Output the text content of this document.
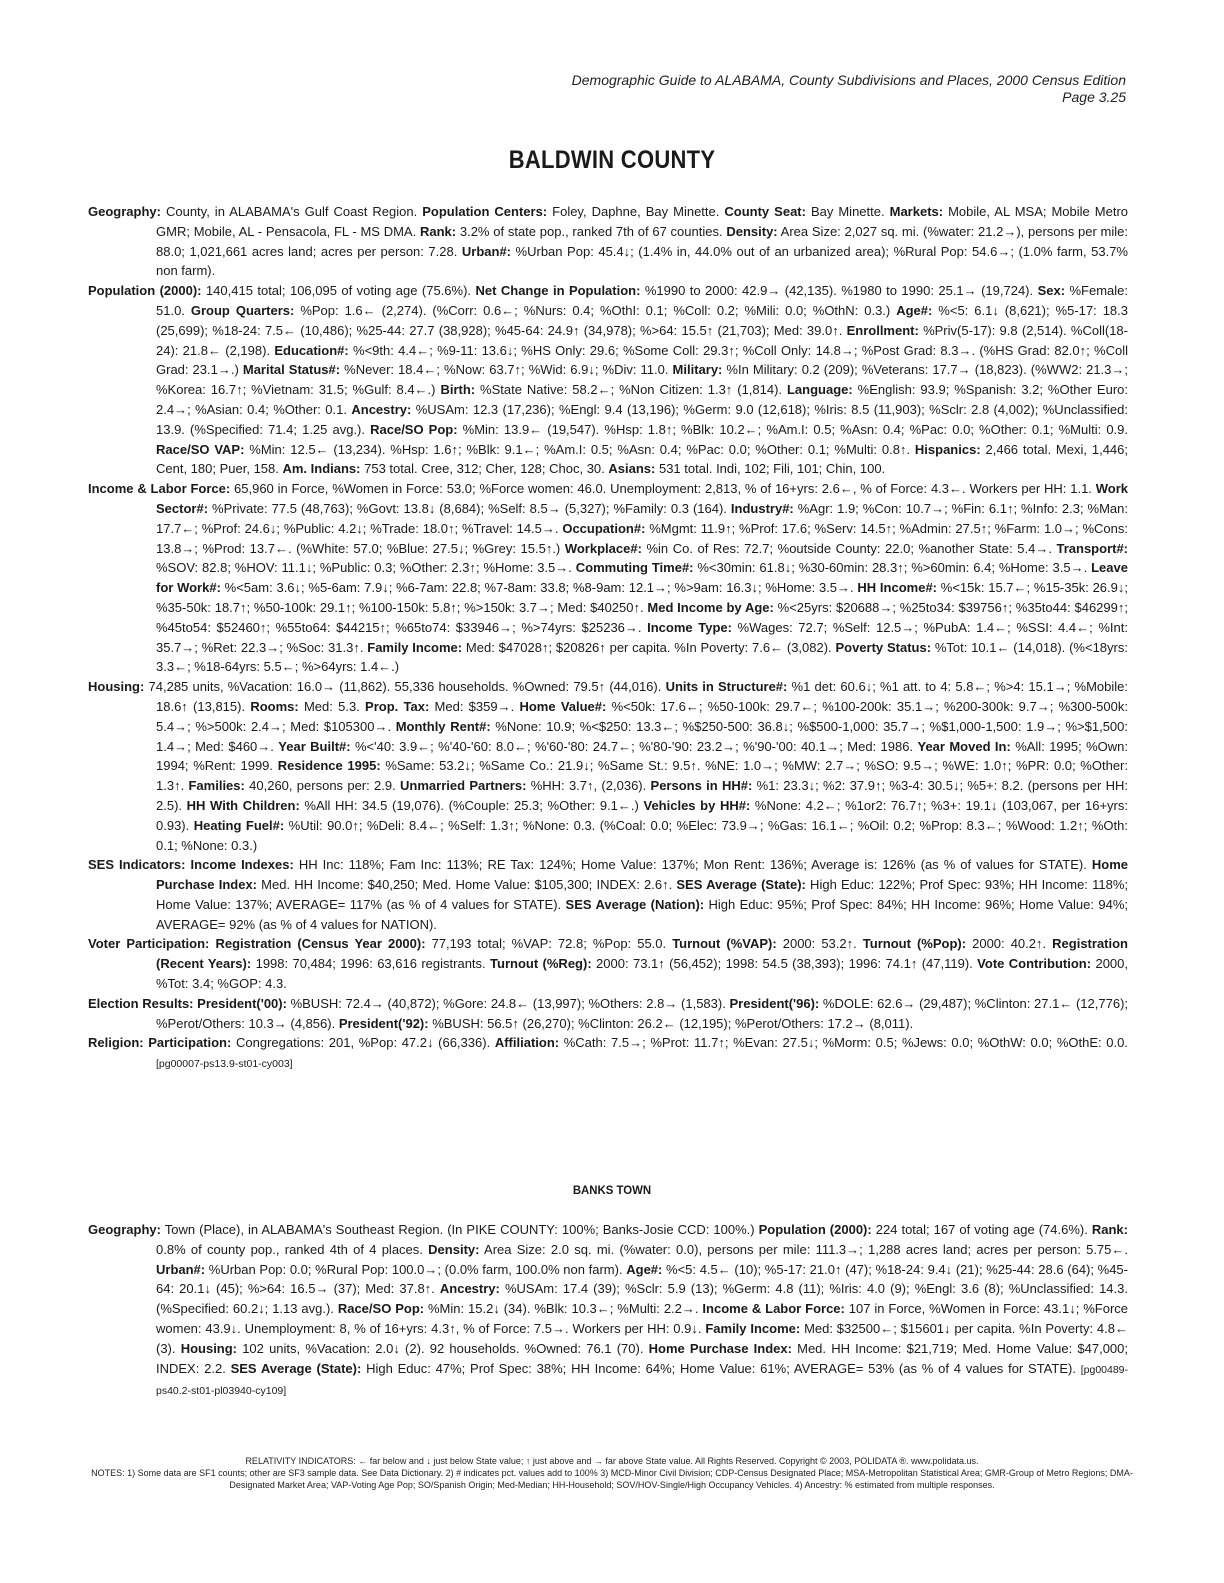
Demographic Guide to ALABAMA, County Subdivisions and Places, 2000 Census Edition
Page 3.25
BALDWIN COUNTY

Geography: County, in ALABAMA's Gulf Coast Region. Population Centers: Foley, Daphne, Bay Minette. County Seat: Bay Minette. Markets: Mobile, AL MSA; Mobile Metro GMR; Mobile, AL - Pensacola, FL - MS DMA. Rank: 3.2% of state pop., ranked 7th of 67 counties. Density: Area Size: 2,027 sq. mi. (%water: 21.2→), persons per mile: 88.0; 1,021,661 acres land; acres per person: 7.28. Urban#: %Urban Pop: 45.4↓; (1.4% in, 44.0% out of an urbanized area); %Rural Pop: 54.6→; (1.0% farm, 53.7% non farm).

Population (2000): 140,415 total; 106,095 of voting age (75.6%). Net Change in Population: %1990 to 2000: 42.9→ (42,135). %1980 to 1990: 25.1→ (19,724). Sex: %Female: 51.0. Group Quarters: %Pop: 1.6← (2,274). (%Corr: 0.6←; %Nurs: 0.4; %OthI: 0.1; %Coll: 0.2; %Mili: 0.0; %OthN: 0.3.) Age#: %<5: 6.1↓ (8,621); %5-17: 18.3 (25,699); %18-24: 7.5← (10,486); %25-44: 27.7 (38,928); %45-64: 24.9↑ (34,978); %>64: 15.5↑ (21,703); Med: 39.0↑. Enrollment: %Priv(5-17): 9.8 (2,514). %Coll(18-24): 21.8← (2,198). Education#: %<9th: 4.4←; %9-11: 13.6↓; %HS Only: 29.6; %Some Coll: 29.3↑; %Coll Only: 14.8→; %Post Grad: 8.3→. (%HS Grad: 82.0↑; %Coll Grad: 23.1→.) Marital Status#: %Never: 18.4←; %Now: 63.7↑; %Wid: 6.9↓; %Div: 11.0. Military: %In Military: 0.2 (209); %Veterans: 17.7→ (18,823). (%WW2: 21.3→; %Korea: 16.7↑; %Vietnam: 31.5; %Gulf: 8.4←.) Birth: %State Native: 58.2←; %Non Citizen: 1.3↑ (1,814). Language: %English: 93.9; %Spanish: 3.2; %Other Euro: 2.4→; %Asian: 0.4; %Other: 0.1. Ancestry: %USAm: 12.3 (17,236); %Engl: 9.4 (13,196); %Germ: 9.0 (12,618); %Iris: 8.5 (11,903); %Sclr: 2.8 (4,002); %Unclassified: 13.9. (%Specified: 71.4; 1.25 avg.). Race/SO Pop: %Min: 13.9← (19,547). %Hsp: 1.8↑; %Blk: 10.2←; %Am.I: 0.5; %Asn: 0.4; %Pac: 0.0; %Other: 0.1; %Multi: 0.9. Race/SO VAP: %Min: 12.5← (13,234). %Hsp: 1.6↑; %Blk: 9.1←; %Am.I: 0.5; %Asn: 0.4; %Pac: 0.0; %Other: 0.1; %Multi: 0.8↑. Hispanics: 2,466 total. Mexi, 1,446; Cent, 180; Puer, 158. Am. Indians: 753 total. Cree, 312; Cher, 128; Choc, 30. Asians: 531 total. Indi, 102; Fili, 101; Chin, 100.

Income & Labor Force: 65,960 in Force, %Women in Force: 53.0; %Force women: 46.0. Unemployment: 2,813, % of 16+yrs: 2.6←, % of Force: 4.3←. Workers per HH: 1.1. Work Sector#: %Private: 77.5 (48,763); %Govt: 13.8↓ (8,684); %Self: 8.5→ (5,327); %Family: 0.3 (164). Industry#: %Agr: 1.9; %Con: 10.7→; %Fin: 6.1↑; %Info: 2.3; %Man: 17.7←; %Prof: 24.6↓; %Public: 4.2↓; %Trade: 18.0↑; %Travel: 14.5→. Occupation#: %Mgmt: 11.9↑; %Prof: 17.6; %Serv: 14.5↑; %Admin: 27.5↑; %Farm: 1.0→; %Cons: 13.8→; %Prod: 13.7←. (%White: 57.0; %Blue: 27.5↓; %Grey: 15.5↑.) Workplace#: %in Co. of Res: 72.7; %outside County: 22.0; %another State: 5.4→. Transport#: %SOV: 82.8; %HOV: 11.1↓; %Public: 0.3; %Other: 2.3↑; %Home: 3.5→. Commuting Time#: %<30min: 61.8↓; %30-60min: 28.3↑; %>60min: 6.4; %Home: 3.5→. Leave for Work#: %<5am: 3.6↓; %5-6am: 7.9↓; %6-7am: 22.8; %7-8am: 33.8; %8-9am: 12.1→; %>9am: 16.3↓; %Home: 3.5→. HH Income#: %<15k: 15.7←; %15-35k: 26.9↓; %35-50k: 18.7↑; %50-100k: 29.1↑; %100-150k: 5.8↑; %>150k: 3.7→; Med: $40250↑. Med Income by Age: %<25yrs: $20688→; %25to34: $39756↑; %35to44: $46299↑; %45to54: $52460↑; %55to64: $44215↑; %65to74: $33946→; %>74yrs: $25236→. Income Type: %Wages: 72.7; %Self: 12.5→; %PubA: 1.4←; %SSI: 4.4←; %Int: 35.7→; %Ret: 22.3→; %Soc: 31.3↑. Family Income: Med: $47028↑; $20826↑ per capita. %In Poverty: 7.6← (3,082). Poverty Status: %Tot: 10.1← (14,018). (%<18yrs: 3.3←; %18-64yrs: 5.5←; %>64yrs: 1.4←.)

Housing: 74,285 units, %Vacation: 16.0→ (11,862). 55,336 households. %Owned: 79.5↑ (44,016). Units in Structure#: %1 det: 60.6↓; %1 att. to 4: 5.8←; %>4: 15.1→; %Mobile: 18.6↑ (13,815). Rooms: Med: 5.3. Prop. Tax: Med: $359→. Home Value#: %<50k: 17.6←; %50-100k: 29.7←; %100-200k: 35.1→; %200-300k: 9.7→; %300-500k: 5.4→; %>500k: 2.4→; Med: $105300→. Monthly Rent#: %None: 10.9; %<$250: 13.3←; %$250-500: 36.8↓; %$500-1,000: 35.7→; %$1,000-1,500: 1.9→; %>$1,500: 1.4→; Med: $460→. Year Built#: %<'40: 3.9←; %'40-'60: 8.0←; %'60-'80: 24.7←; %'80-'90: 23.2→; %'90-'00: 40.1→; Med: 1986. Year Moved In: %All: 1995; %Own: 1994; %Rent: 1999. Residence 1995: %Same: 53.2↓; %Same Co.: 21.9↓; %Same St.: 9.5↑. %NE: 1.0→; %MW: 2.7→; %SO: 9.5→; %WE: 1.0↑; %PR: 0.0; %Other: 1.3↑. Families: 40,260, persons per: 2.9. Unmarried Partners: %HH: 3.7↑, (2,036). Persons in HH#: %1: 23.3↓; %2: 37.9↑; %3-4: 30.5↓; %5+: 8.2. (persons per HH: 2.5). HH With Children: %All HH: 34.5 (19,076). (%Couple: 25.3; %Other: 9.1←.) Vehicles by HH#: %None: 4.2←; %1or2: 76.7↑; %3+: 19.1↓ (103,067, per 16+yrs: 0.93). Heating Fuel#: %Util: 90.0↑; %Deli: 8.4←; %Self: 1.3↑; %None: 0.3. (%Coal: 0.0; %Elec: 73.9→; %Gas: 16.1←; %Oil: 0.2; %Prop: 8.3←; %Wood: 1.2↑; %Oth: 0.1; %None: 0.3.)

SES Indicators: Income Indexes: HH Inc: 118%; Fam Inc: 113%; RE Tax: 124%; Home Value: 137%; Mon Rent: 136%; Average is: 126% (as % of values for STATE). Home Purchase Index: Med. HH Income: $40,250; Med. Home Value: $105,300; INDEX: 2.6↑. SES Average (State): High Educ: 122%; Prof Spec: 93%; HH Income: 118%; Home Value: 137%; AVERAGE= 117% (as % of 4 values for STATE). SES Average (Nation): High Educ: 95%; Prof Spec: 84%; HH Income: 96%; Home Value: 94%; AVERAGE= 92% (as % of 4 values for NATION).

Voter Participation: Registration (Census Year 2000): 77,193 total; %VAP: 72.8; %Pop: 55.0. Turnout (%VAP): 2000: 53.2↑. Turnout (%Pop): 2000: 40.2↑. Registration (Recent Years): 1998: 70,484; 1996: 63,616 registrants. Turnout (%Reg): 2000: 73.1↑ (56,452); 1998: 54.5 (38,393); 1996: 74.1↑ (47,119). Vote Contribution: 2000, %Tot: 3.4; %GOP: 4.3.

Election Results: President('00): %BUSH: 72.4→ (40,872); %Gore: 24.8← (13,997); %Others: 2.8→ (1,583). President('96): %DOLE: 62.6→ (29,487); %Clinton: 27.1← (12,776); %Perot/Others: 10.3→ (4,856). President('92): %BUSH: 56.5↑ (26,270); %Clinton: 26.2← (12,195); %Perot/Others: 17.2→ (8,011).

Religion: Participation: Congregations: 201, %Pop: 47.2↓ (66,336). Affiliation: %Cath: 7.5→; %Prot: 11.7↑; %Evan: 27.5↓; %Morm: 0.5; %Jews: 0.0; %OthW: 0.0; %OthE: 0.0. [pg00007-ps13.9-st01-cy003]

BANKS TOWN

Geography: Town (Place), in ALABAMA's Southeast Region. (In PIKE COUNTY: 100%; Banks-Josie CCD: 100%.) Population (2000): 224 total; 167 of voting age (74.6%). Rank: 0.8% of county pop., ranked 4th of 4 places. Density: Area Size: 2.0 sq. mi. (%water: 0.0), persons per mile: 111.3→; 1,288 acres land; acres per person: 5.75←. Urban#: %Urban Pop: 0.0; %Rural Pop: 100.0→; (0.0% farm, 100.0% non farm). Age#: %<5: 4.5← (10); %5-17: 21.0↑ (47); %18-24: 9.4↓ (21); %25-44: 28.6 (64); %45-64: 20.1↓ (45); %>64: 16.5→ (37); Med: 37.8↑. Ancestry: %USAm: 17.4 (39); %Sclr: 5.9 (13); %Germ: 4.8 (11); %Iris: 4.0 (9); %Engl: 3.6 (8); %Unclassified: 14.3. (%Specified: 60.2↓; 1.13 avg.). Race/SO Pop: %Min: 15.2↓ (34). %Blk: 10.3←; %Multi: 2.2→. Income & Labor Force: 107 in Force, %Women in Force: 43.1↓; %Force women: 43.9↓. Unemployment: 8, % of 16+yrs: 4.3↑, % of Force: 7.5→. Workers per HH: 0.9↓. Family Income: Med: $32500←; $15601↓ per capita. %In Poverty: 4.8← (3). Housing: 102 units, %Vacation: 2.0↓ (2). 92 households. %Owned: 76.1 (70). Home Purchase Index: Med. HH Income: $21,719; Med. Home Value: $47,000; INDEX: 2.2. SES Average (State): High Educ: 47%; Prof Spec: 38%; HH Income: 64%; Home Value: 61%; AVERAGE= 53% (as % of 4 values for STATE). [pg00489-ps40.2-st01-pl03940-cy109]

RELATIVITY INDICATORS: ← far below and ↓ just below State value; ↑ just above and → far above State value. All Rights Reserved. Copyright © 2003, POLIDATA ®. www.polidata.us.
NOTES: 1) Some data are SF1 counts; other are SF3 sample data. See Data Dictionary. 2) # indicates pct. values add to 100% 3) MCD-Minor Civil Division; CDP-Census Designated Place; MSA-Metropolitan Statistical Area; GMR-Group of Metro Regions; DMA-Designated Market Area; VAP-Voting Age Pop; SO/Spanish Origin; Med-Median; HH-Household; SOV/HOV-Single/High Occupancy Vehicles. 4) Ancestry: % estimated from multiple responses.
